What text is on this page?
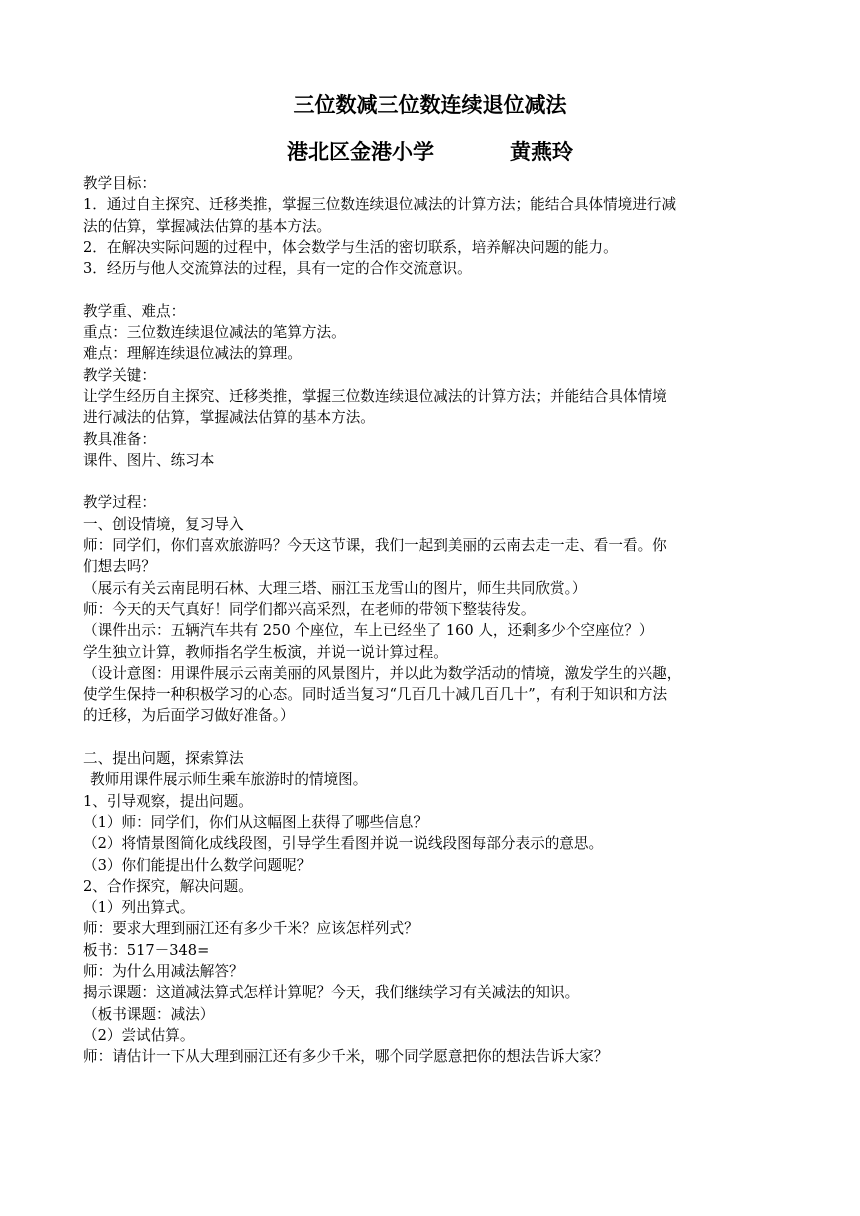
三位数减三位数连续退位减法
港北区金港小学	黄燕玲
教学目标：
1．通过自主探究、迁移类推，掌握三位数连续退位减法的计算方法；能结合具体情境进行减
法的估算，掌握减法估算的基本方法。
2．在解决实际问题的过程中，体会数学与生活的密切联系，培养解决问题的能力。
3．经历与他人交流算法的过程，具有一定的合作交流意识。
教学重、难点：
重点：三位数连续退位减法的笔算方法。
难点：理解连续退位减法的算理。
教学关键：
让学生经历自主探究、迁移类推，掌握三位数连续退位减法的计算方法；并能结合具体情境
进行减法的估算，掌握减法估算的基本方法。
教具准备：
课件、图片、练习本
教学过程：
一、创设情境，复习导入
师：同学们，你们喜欢旅游吗？今天这节课，我们一起到美丽的云南去走一走、看一看。你
们想去吗？
（展示有关云南昆明石林、大理三塔、丽江玉龙雪山的图片，师生共同欣赏。）
师：今天的天气真好！同学们都兴高采烈，在老师的带领下整装待发。
（课件出示：五辆汽车共有 250 个座位，车上已经坐了 160 人，还剩多少个空座位？）
学生独立计算，教师指名学生板演，并说一说计算过程。
（设计意图：用课件展示云南美丽的风景图片，并以此为数学活动的情境，激发学生的兴趣，
使学生保持一种积极学习的心态。同时适当复习“几百几十减几百几十”，有利于知识和方法
的迁移，为后面学习做好准备。）
二、提出问题，探索算法
教师用课件展示师生乘车旅游时的情境图。
1、引导观察，提出问题。
（1）师：同学们，你们从这幅图上获得了哪些信息？
（2）将情景图简化成线段图，引导学生看图并说一说线段图每部分表示的意思。
（3）你们能提出什么数学问题呢？
2、合作探究，解决问题。
（1）列出算式。
师：要求大理到丽江还有多少千米？应该怎样列式？
板书：517－348=
师：为什么用减法解答？
揭示课题：这道减法算式怎样计算呢？今天，我们继续学习有关减法的知识。
（板书课题：减法）
（2）尝试估算。
师：请估计一下从大理到丽江还有多少千米，哪个同学愿意把你的想法告诉大家？
